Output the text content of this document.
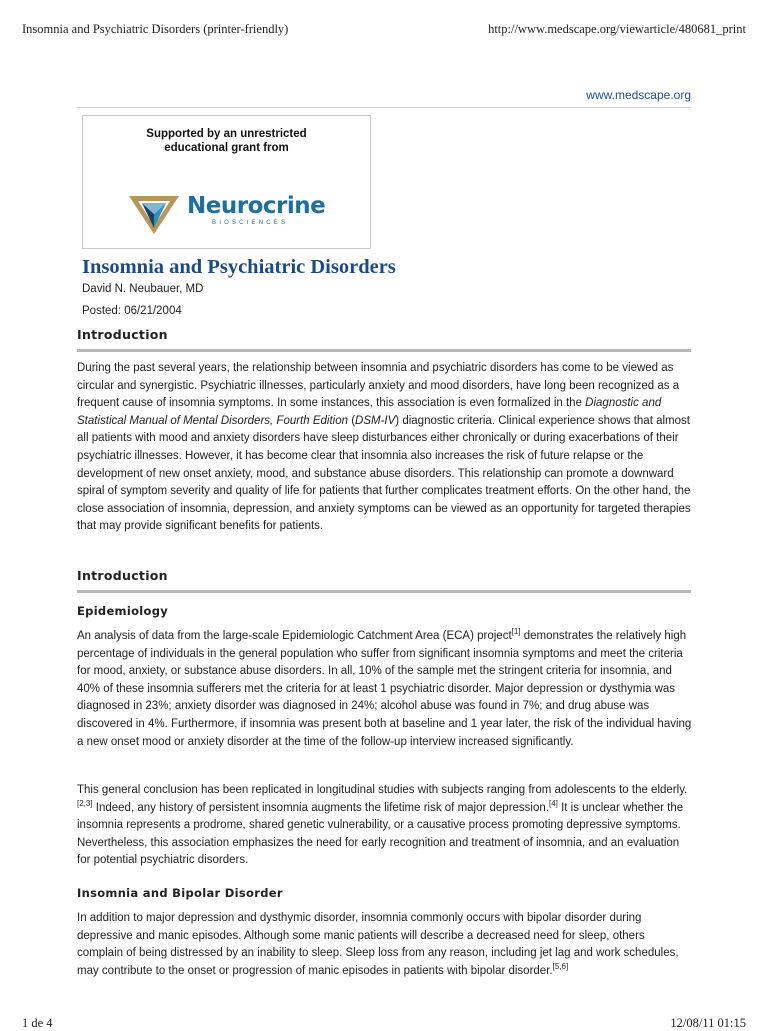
Insomnia and Psychiatric Disorders (printer-friendly)	http://www.medscape.org/viewarticle/480681_print
www.medscape.org
Supported by an unrestricted
educational grant from
Neurocrine
BIOSCIENCES
Insomnia and Psychiatric Disorders
David N. Neubauer, MD
Posted: 06/21/2004
Introduction

During the past several years, the relationship between insomnia and psychiatric disorders has come to be viewed as circular and synergistic. Psychiatric illnesses, particularly anxiety and mood disorders, have long been recognized as a frequent cause of insomnia symptoms. In some instances, this association is even formalized in the Diagnostic and Statistical Manual of Mental Disorders, Fourth Edition (DSM-IV) diagnostic criteria. Clinical experience shows that almost all patients with mood and anxiety disorders have sleep disturbances either chronically or during exacerbations of their psychiatric illnesses. However, it has become clear that insomnia also increases the risk of future relapse or the development of new onset anxiety, mood, and substance abuse disorders. This relationship can promote a downward spiral of symptom severity and quality of life for patients that further complicates treatment efforts. On the other hand, the close association of insomnia, depression, and anxiety symptoms can be viewed as an opportunity for targeted therapies that may provide significant benefits for patients.

Introduction
Epidemiology

An analysis of data from the large-scale Epidemiologic Catchment Area (ECA) project[1] demonstrates the relatively high percentage of individuals in the general population who suffer from significant insomnia symptoms and meet the criteria for mood, anxiety, or substance abuse disorders. In all, 10% of the sample met the stringent criteria for insomnia, and 40% of these insomnia sufferers met the criteria for at least 1 psychiatric disorder. Major depression or dysthymia was diagnosed in 23%; anxiety disorder was diagnosed in 24%; alcohol abuse was found in 7%; and drug abuse was discovered in 4%. Furthermore, if insomnia was present both at baseline and 1 year later, the risk of the individual having a new onset mood or anxiety disorder at the time of the follow-up interview increased significantly.

This general conclusion has been replicated in longitudinal studies with subjects ranging from adolescents to the elderly.[2,3] Indeed, any history of persistent insomnia augments the lifetime risk of major depression.[4] It is unclear whether the insomnia represents a prodrome, shared genetic vulnerability, or a causative process promoting depressive symptoms. Nevertheless, this association emphasizes the need for early recognition and treatment of insomnia, and an evaluation for potential psychiatric disorders.

Insomnia and Bipolar Disorder

In addition to major depression and dysthymic disorder, insomnia commonly occurs with bipolar disorder during depressive and manic episodes. Although some manic patients will describe a decreased need for sleep, others complain of being distressed by an inability to sleep. Sleep loss from any reason, including jet lag and work schedules, may contribute to the onset or progression of manic episodes in patients with bipolar disorder.[5,6]

1 de 4	12/08/11 01:15
